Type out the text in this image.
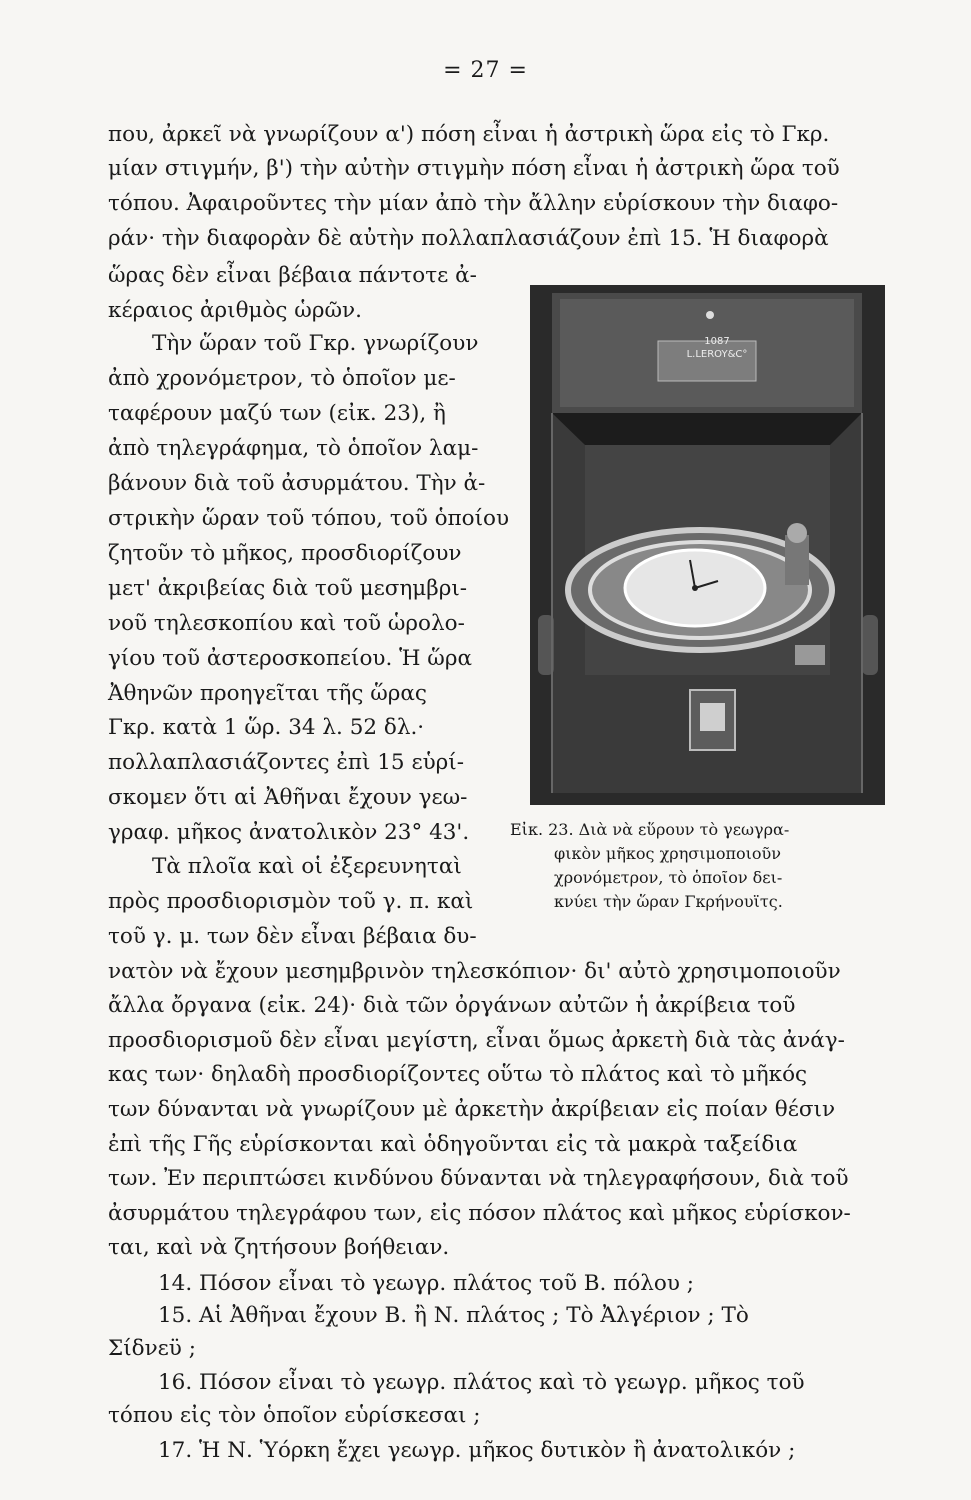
= 27 =
που, ἀρκεῖ νὰ γνωρίζουν α') πόση εἶναι ἡ ἀστρικὴ ὥρα εἰς τὸ Γκρ.
μίαν στιγμήν, β') τὴν αὐτὴν στιγμὴν πόση εἶναι ἡ ἀστρικὴ ὥρα τοῦ
τόπου. Ἀφαιροῦντες τὴν μίαν ἀπὸ τὴν ἄλλην εὑρίσκουν τὴν διαφο-
ράν· τὴν διαφορὰν δὲ αὐτὴν πολλαπλασιάζουν ἐπὶ 15. Ἡ διαφορὰ
ὥρας δὲν εἶναι βέβαια πάντοτε ἀ-
κέραιος ἀριθμὸς ὡρῶν.
Τὴν ὥραν τοῦ Γκρ. γνωρίζουν
ἀπὸ χρονόμετρον, τὸ ὁποῖον με-
ταφέρουν μαζύ των (εἰκ. 23), ἢ
ἀπὸ τηλεγράφημα, τὸ ὁποῖον λαμ-
βάνουν διὰ τοῦ ἀσυρμάτου. Τὴν ἀ-
στρικὴν ὥραν τοῦ τόπου, τοῦ ὁποίου
ζητοῦν τὸ μῆκος, προσδιορίζουν
μετ' ἀκριβείας διὰ τοῦ μεσημβρι-
νοῦ τηλεσκοπίου καὶ τοῦ ὡρολο-
γίου τοῦ ἀστεροσκοπείου. Ἡ ὥρα
Ἀθηνῶν προηγεῖται τῆς ὥρας
Γκρ. κατὰ 1 ὥρ. 34 λ. 52 δλ.·
πολλαπλασιάζοντες ἐπὶ 15 εὑρί-
σκομεν ὅτι αἱ Ἀθῆναι ἔχουν γεω-
γραφ. μῆκος ἀνατολικὸν 23° 43'.
Τὰ πλοῖα καὶ οἱ ἐξερευνηταὶ
πρὸς προσδιορισμὸν τοῦ γ. π. καὶ
τοῦ γ. μ. των δὲν εἶναι βέβαια δυ-
1087
L.LEROY&C°
Εἰκ. 23. Διὰ νὰ εὕρουν τὸ γεωγρα-
φικὸν μῆκος χρησιμοποιοῦν
χρονόμετρον, τὸ ὁποῖον δει-
κνύει τὴν ὥραν Γκρήνουϊτς.
νατὸν νὰ ἔχουν μεσημβρινὸν τηλεσκόπιον· δι' αὐτὸ χρησιμοποιοῦν
ἄλλα ὄργανα (εἰκ. 24)· διὰ τῶν ὀργάνων αὐτῶν ἡ ἀκρίβεια τοῦ
προσδιορισμοῦ δὲν εἶναι μεγίστη, εἶναι ὅμως ἀρκετὴ διὰ τὰς ἀνάγ-
κας των· δηλαδὴ προσδιορίζοντες οὕτω τὸ πλάτος καὶ τὸ μῆκός
των δύνανται νὰ γνωρίζουν μὲ ἀρκετὴν ἀκρίβειαν εἰς ποίαν θέσιν
ἐπὶ τῆς Γῆς εὑρίσκονται καὶ ὁδηγοῦνται εἰς τὰ μακρὰ ταξείδια
των. Ἐν περιπτώσει κινδύνου δύνανται νὰ τηλεγραφήσουν, διὰ τοῦ
ἀσυρμάτου τηλεγράφου των, εἰς πόσον πλάτος καὶ μῆκος εὑρίσκον-
ται, καὶ νὰ ζητήσουν βοήθειαν.
14. Πόσον εἶναι τὸ γεωγρ. πλάτος τοῦ Β. πόλου ;
15. Αἱ Ἀθῆναι ἔχουν Β. ἢ Ν. πλάτος ; Τὸ Ἀλγέριον ; Τὸ
Σίδνεϋ ;
16. Πόσον εἶναι τὸ γεωγρ. πλάτος καὶ τὸ γεωγρ. μῆκος τοῦ
τόπου εἰς τὸν ὁποῖον εὑρίσκεσαι ;
17. Ἡ Ν. Ὑόρκη ἔχει γεωγρ. μῆκος δυτικὸν ἢ ἀνατολικόν ;
